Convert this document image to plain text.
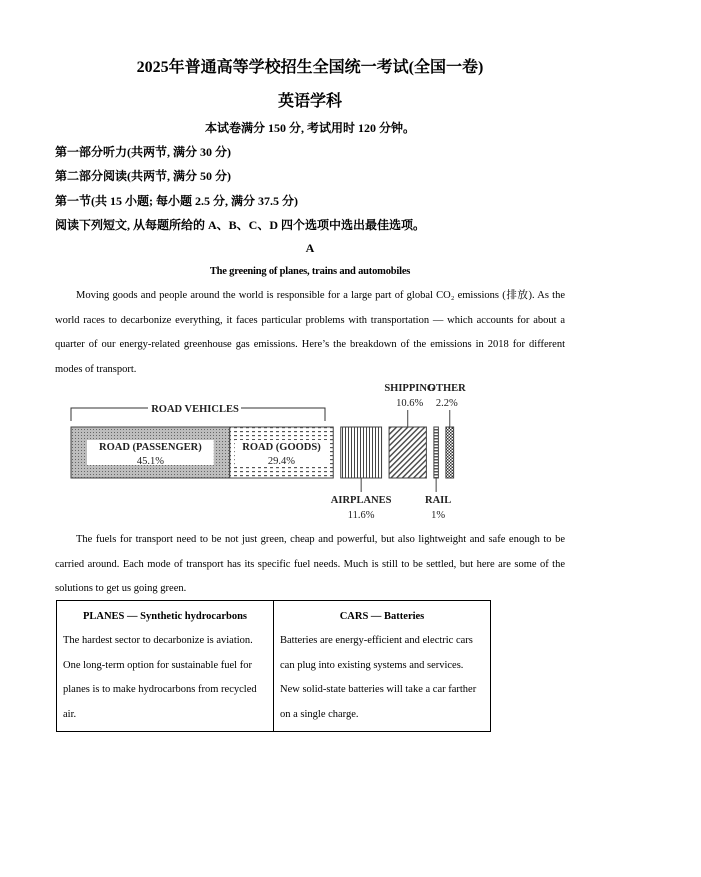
2025年普通高等学校招生全国统一考试(全国一卷)
英语学科
本试卷满分 150 分, 考试用时 120 分钟。
第一部分听力(共两节, 满分 30 分)
第二部分阅读(共两节, 满分 50 分)
第一节(共 15 小题; 每小题 2.5 分, 满分 37.5 分)
阅读下列短文, 从每题所给的 A、B、C、D 四个选项中选出最佳选项。
A
The greening of planes, trains and automobiles
Moving goods and people around the world is responsible for a large part of global CO₂ emissions (排放). As the world races to decarbonize everything, it faces particular problems with transportation — which accounts for about a quarter of our energy-related greenhouse gas emissions. Here’s the breakdown of the emissions in 2018 for different modes of transport.
ROAD VEHICLES
ROAD (PASSENGER)
45.1%
ROAD (GOODS)
29.4%
AIRPLANES
11.6%
SHIPPING
10.6%
RAIL
1%
OTHER
2.2%
The fuels for transport need to be not just green, cheap and powerful, but also lightweight and safe enough to be carried around. Each mode of transport has its specific fuel needs. Much is still to be settled, but here are some of the solutions to get us going green.
PLANES — Synthetic hydrocarbons
The hardest sector to decarbonize is aviation. One long-term option for sustainable fuel for planes is to make hydrocarbons from recycled air.

CARS — Batteries
Batteries are energy-efficient and electric cars can plug into existing systems and services. New solid-state batteries will take a car farther on a single charge.
